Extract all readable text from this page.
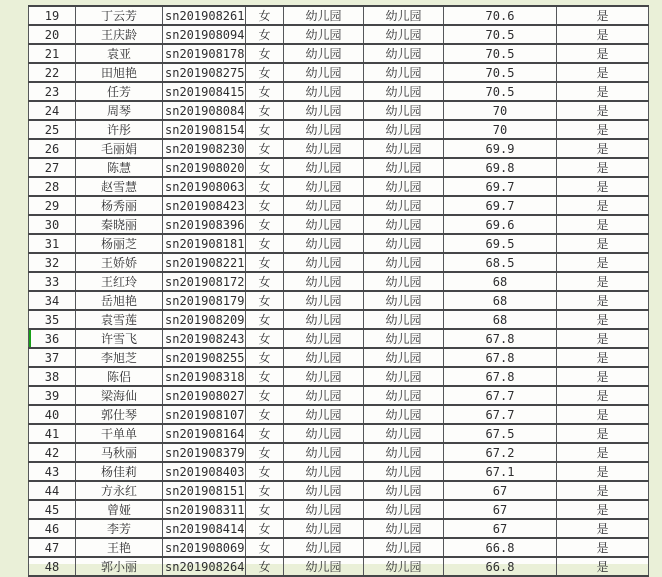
19	丁云芳	sn201908261	女	幼儿园	幼儿园	70.6	是
20	王庆龄	sn201908094	女	幼儿园	幼儿园	70.5	是
21	袁亚	sn201908178	女	幼儿园	幼儿园	70.5	是
22	田旭艳	sn201908275	女	幼儿园	幼儿园	70.5	是
23	任芳	sn201908415	女	幼儿园	幼儿园	70.5	是
24	周琴	sn201908084	女	幼儿园	幼儿园	70	是
25	许彤	sn201908154	女	幼儿园	幼儿园	70	是
26	毛丽娟	sn201908230	女	幼儿园	幼儿园	69.9	是
27	陈慧	sn201908020	女	幼儿园	幼儿园	69.8	是
28	赵雪慧	sn201908063	女	幼儿园	幼儿园	69.7	是
29	杨秀丽	sn201908423	女	幼儿园	幼儿园	69.7	是
30	秦晓丽	sn201908396	女	幼儿园	幼儿园	69.6	是
31	杨丽芝	sn201908181	女	幼儿园	幼儿园	69.5	是
32	王娇娇	sn201908221	女	幼儿园	幼儿园	68.5	是
33	王红玲	sn201908172	女	幼儿园	幼儿园	68	是
34	岳旭艳	sn201908179	女	幼儿园	幼儿园	68	是
35	袁雪莲	sn201908209	女	幼儿园	幼儿园	68	是
36	许雪飞	sn201908243	女	幼儿园	幼儿园	67.8	是
37	李旭芝	sn201908255	女	幼儿园	幼儿园	67.8	是
38	陈侣	sn201908318	女	幼儿园	幼儿园	67.8	是
39	梁海仙	sn201908027	女	幼儿园	幼儿园	67.7	是
40	郭仕琴	sn201908107	女	幼儿园	幼儿园	67.7	是
41	干单单	sn201908164	女	幼儿园	幼儿园	67.5	是
42	马秋丽	sn201908379	女	幼儿园	幼儿园	67.2	是
43	杨佳莉	sn201908403	女	幼儿园	幼儿园	67.1	是
44	方永红	sn201908151	女	幼儿园	幼儿园	67	是
45	曾娅	sn201908311	女	幼儿园	幼儿园	67	是
46	李芳	sn201908414	女	幼儿园	幼儿园	67	是
47	王艳	sn201908069	女	幼儿园	幼儿园	66.8	是
48	郭小丽	sn201908264	女	幼儿园	幼儿园	66.8	是
